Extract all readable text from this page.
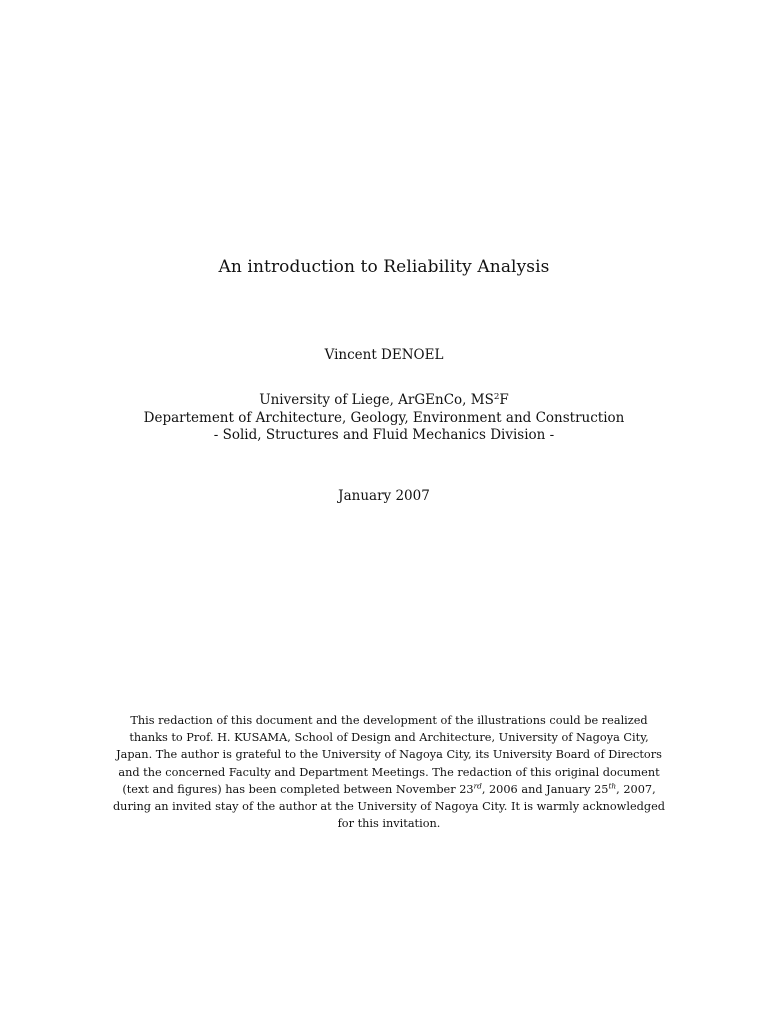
An introduction to Reliability Analysis
Vincent DENOEL
University of Liege, ArGEnCo, $MS^2F$
Departement of Architecture, Geology, Environment and Construction
- Solid, Structures and Fluid Mechanics Division -
January 2007
This redaction of this document and the development of the illustrations could be realized thanks to Prof. H. KUSAMA, School of Design and Architecture, University of Nagoya City, Japan. The author is grateful to the University of Nagoya City, its University Board of Directors and the concerned Faculty and Department Meetings. The redaction of this original document (text and figures) has been completed between November 23rd, 2006 and January 25th, 2007, during an invited stay of the author at the University of Nagoya City. It is warmly acknowledged for this invitation.
